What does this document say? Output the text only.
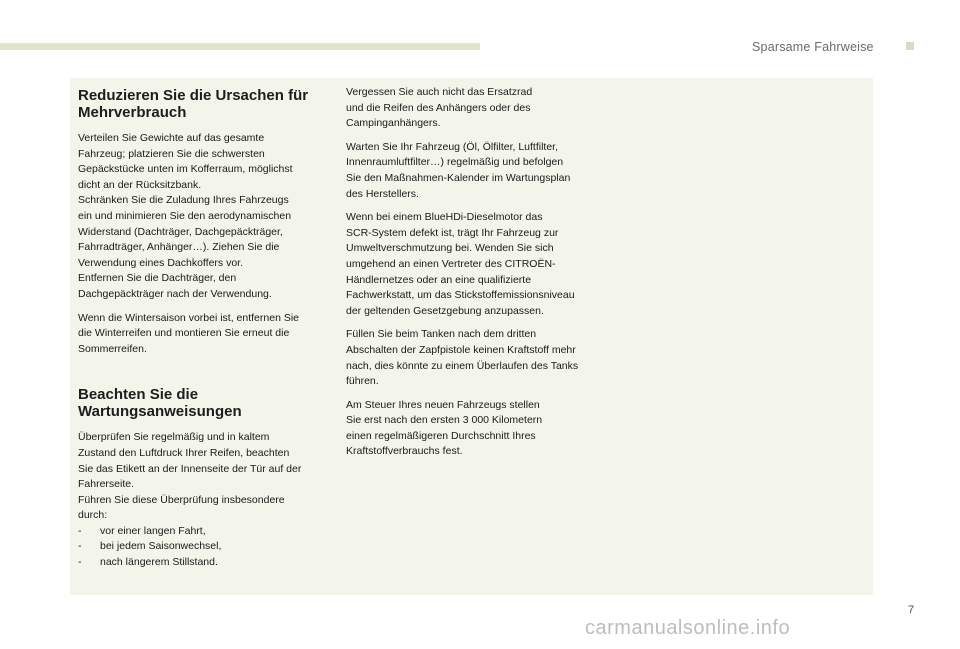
Sparsame Fahrweise
Reduzieren Sie die Ursachen für
Mehrverbrauch

Verteilen Sie Gewichte auf das gesamte
Fahrzeug; platzieren Sie die schwersten
Gepäckstücke unten im Kofferraum, möglichst
dicht an der Rücksitzbank.
Schränken Sie die Zuladung Ihres Fahrzeugs
ein und minimieren Sie den aerodynamischen
Widerstand (Dachträger, Dachgepäckträger,
Fahrradträger, Anhänger…). Ziehen Sie die
Verwendung eines Dachkoffers vor.
Entfernen Sie die Dachträger, den
Dachgepäckträger nach der Verwendung.

Wenn die Wintersaison vorbei ist, entfernen Sie
die Winterreifen und montieren Sie erneut die
Sommerreifen.

Beachten Sie die
Wartungsanweisungen

Überprüfen Sie regelmäßig und in kaltem
Zustand den Luftdruck Ihrer Reifen, beachten
Sie das Etikett an der Innenseite der Tür auf der
Fahrerseite.
Führen Sie diese Überprüfung insbesondere
durch:

- vor einer langen Fahrt,
- bei jedem Saisonwechsel,
- nach längerem Stillstand.

Vergessen Sie auch nicht das Ersatzrad
und die Reifen des Anhängers oder des
Campinganhängers.

Warten Sie Ihr Fahrzeug (Öl, Ölfilter, Luftfilter,
Innenraumluftfilter…) regelmäßig und befolgen
Sie den Maßnahmen-Kalender im Wartungsplan
des Herstellers.

Wenn bei einem BlueHDi-Dieselmotor das
SCR-System defekt ist, trägt Ihr Fahrzeug zur
Umweltverschmutzung bei. Wenden Sie sich
umgehend an einen Vertreter des CITROËN-
Händlernetzes oder an eine qualifizierte
Fachwerkstatt, um das Stickstoffemissionsniveau
der geltenden Gesetzgebung anzupassen.

Füllen Sie beim Tanken nach dem dritten
Abschalten der Zapfpistole keinen Kraftstoff mehr
nach, dies könnte zu einem Überlaufen des Tanks
führen.

Am Steuer Ihres neuen Fahrzeugs stellen
Sie erst nach den ersten 3 000 Kilometern
einen regelmäßigeren Durchschnitt Ihres
Kraftstoffverbrauchs fest.

7
carmanualsonline.info
